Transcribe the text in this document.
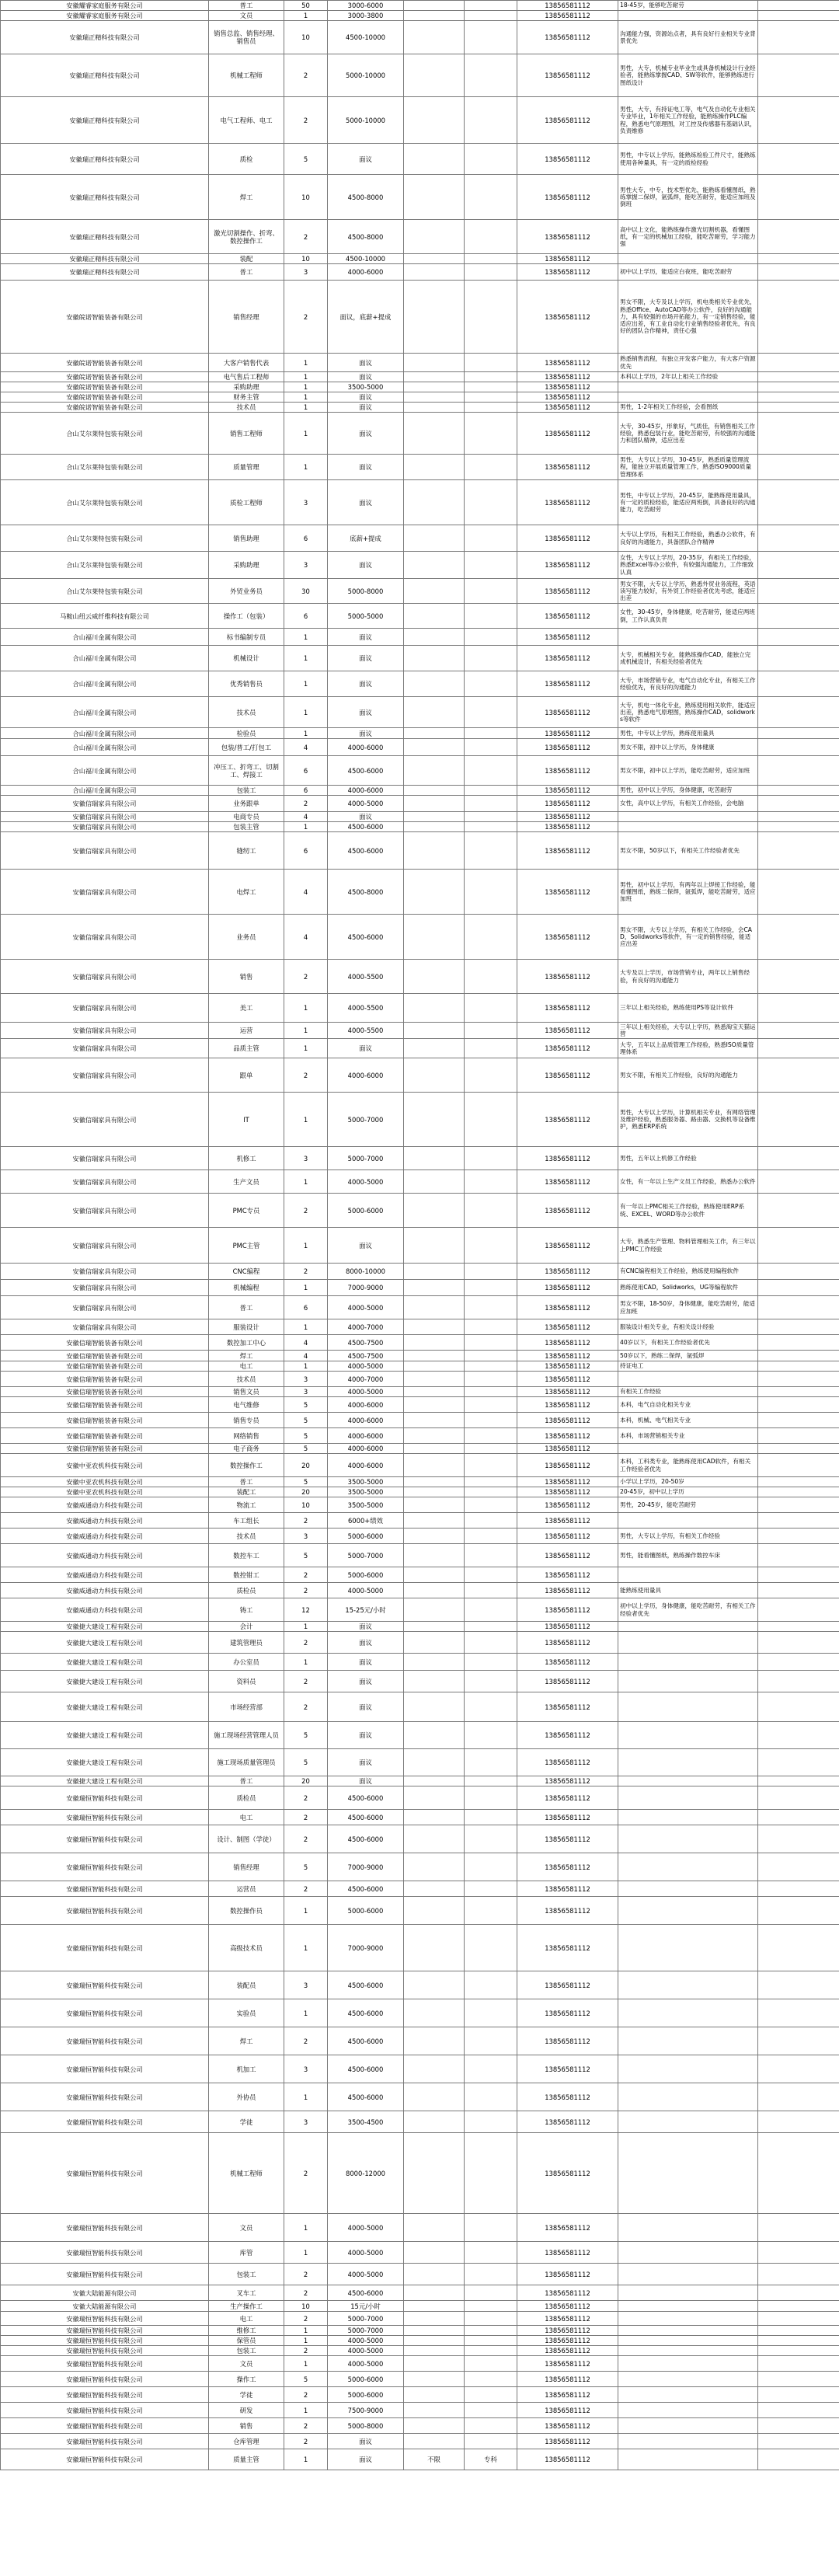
安徽耀睿家庭服务有限公司	普工	50	3000-6000			13856581112	18-45岁，能够吃苦耐劳	
安徽耀睿家庭服务有限公司	文员	1	3000-3800			13856581112		
安徽瑞正精科技有限公司	销售总监、销售经理、销售员	10	4500-10000			13856581112	沟通能力强，资源站点者，具有良好行业相关专业背景优先	
安徽瑞正精科技有限公司	机械工程师	2	5000-10000			13856581112	男性，大专，机械专业毕业生或具备机械设计行业经验者，能熟练掌握CAD、SW等软件，能够熟练进行图纸设计	
安徽瑞正精科技有限公司	电气工程师、电工	2	5000-10000			13856581112	男性，大专，有持证电工等，电气及自动化专业相关专业毕业，1年相关工作经验，能熟练操作PLC编程，熟悉电气原理图，对工控及传感器有基础认识，负责维修	
安徽瑞正精科技有限公司	质检	5	面议			13856581112	男性，中专以上学历，能熟练检验工件尺寸，能熟练使用各种量具，有一定的质检经验	
安徽瑞正精科技有限公司	焊工	10	4500-8000			13856581112	男性大专，中专，技术型优先，能熟练看懂图纸，熟练掌握二保焊，氩弧焊，能吃苦耐劳，能适应加班及倒班	
安徽瑞正精科技有限公司	激光切割操作、折弯、数控操作工	2	4500-8000			13856581112	高中以上文化，能熟练操作激光切割机器，看懂图纸，有一定的机械加工经验，能吃苦耐劳，学习能力强	
安徽瑞正精科技有限公司	装配	10	4500-10000			13856581112		
安徽瑞正精科技有限公司	普工	3	4000-6000			13856581112	初中以上学历，能适应白夜班，能吃苦耐劳	
安徽皖诺智能装备有限公司	销售经理	2	面议，底薪+提成			13856581112	男女不限，大专及以上学历，机电类相关专业优先，熟悉Office、AutoCAD等办公软件，良好的沟通能力，具有较强的市场开拓能力，有一定销售经验，能适应出差，有工业自动化行业销售经验者优先，有良好的团队合作精神，责任心强	
安徽皖诺智能装备有限公司	大客户销售代表	1	面议			13856581112	熟悉销售流程，有独立开发客户能力，有大客户资源优先	
安徽皖诺智能装备有限公司	电气售后工程师	1	面议			13856581112	本科以上学历，2年以上相关工作经验	
安徽皖诺智能装备有限公司	采购助理	1	3500-5000			13856581112		
安徽皖诺智能装备有限公司	财务主管	1	面议			13856581112		
安徽皖诺智能装备有限公司	技术员	1	面议			13856581112	男性，1-2年相关工作经验，会看图纸	
合山艾尔莱特包装有限公司	销售工程师	1	面议			13856581112	大专，30-45岁，形象好，气质佳，有销售相关工作经验，熟悉包装行业，能吃苦耐劳，有较强的沟通能力和团队精神，适应出差	
合山艾尔莱特包装有限公司	质量管理	1	面议			13856581112	男性，大专以上学历，30-45岁，熟悉质量管理流程，能独立开展质量管理工作，熟悉ISO9000质量管理体系	
合山艾尔莱特包装有限公司	质检工程师	3	面议			13856581112	男性，中专以上学历，20-45岁，能熟练使用量具，有一定的质检经验，能适应两班倒，具备良好的沟通能力，吃苦耐劳	
合山艾尔莱特包装有限公司	销售助理	6	底薪+提成			13856581112	大专以上学历，有相关工作经验，熟悉办公软件，有良好的沟通能力，具备团队合作精神	
合山艾尔莱特包装有限公司	采购助理	3	面议			13856581112	女性，大专以上学历，20-35岁，有相关工作经验，熟悉Excel等办公软件，有较强沟通能力，工作细致认真	
合山艾尔莱特包装有限公司	外贸业务员	30	5000-8000			13856581112	男女不限，大专以上学历，熟悉外贸业务流程，英语读写能力较好，有外贸工作经验者优先考虑，能适应出差	
马鞍山纽云威纤维科技有限公司	操作工（包装）	6	5000-5000			13856581112	女性，30-45岁，身体健康，吃苦耐劳，能适应两班倒，工作认真负责	
合山福川金属有限公司	标书编制专员	1	面议			13856581112		
合山福川金属有限公司	机械设计	1	面议			13856581112	大专，机械相关专业，能熟练操作CAD，能独立完成机械设计，有相关经验者优先	
合山福川金属有限公司	优秀销售员	1	面议			13856581112	大专，市场营销专业，电气自动化专业，有相关工作经验优先，有良好的沟通能力	
合山福川金属有限公司	技术员	1	面议			13856581112	大专，机电一体化专业，熟练使用相关软件，能适应出差，熟悉电气原理图，熟练操作CAD，solidworks等软件	
合山福川金属有限公司	检验员	1	面议			13856581112	男性，中专以上学历，熟练使用量具	
合山福川金属有限公司	包装/普工/打包工	4	4000-6000			13856581112	男女不限，初中以上学历，身体健康	
合山福川金属有限公司	冲压工、折弯工、切割工、焊接工	6	4500-6000			13856581112	男女不限，初中以上学历，能吃苦耐劳，适应加班	
合山福川金属有限公司	包装工	6	4000-6000			13856581112	男性，初中以上学历，身体健康，吃苦耐劳	
安徽信瑞家具有限公司	业务跟单	2	4000-5000			13856581112	女性，高中以上学历，有相关工作经验，会电脑	
安徽信瑞家具有限公司	电商专员	4	面议			13856581112		
安徽信瑞家具有限公司	包装主管	1	4500-6000			13856581112		
安徽信瑞家具有限公司	缝纫工	6	4500-6000			13856581112	男女不限，50岁以下，有相关工作经验者优先	
安徽信瑞家具有限公司	电焊工	4	4500-8000			13856581112	男性，初中以上学历，有两年以上焊接工作经验，能看懂图纸，熟练二保焊，氩弧焊，能吃苦耐劳，适应加班	
安徽信瑞家具有限公司	业务员	4	4500-6000			13856581112	男女不限，大专以上学历，有相关工作经验，会CAD，Solidworks等软件，有一定的销售经验，能适应出差	
安徽信瑞家具有限公司	销售	2	4000-5500			13856581112	大专及以上学历，市场营销专业，两年以上销售经验，有良好的沟通能力	
安徽信瑞家具有限公司	美工	1	4000-5500			13856581112	三年以上相关经验，熟练使用PS等设计软件	
安徽信瑞家具有限公司	运营	1	4000-5500			13856581112	三年以上相关经验，大专以上学历，熟悉淘宝天猫运营	
安徽信瑞家具有限公司	品质主管	1	面议			13856581112	大专，五年以上品质管理工作经验，熟悉ISO质量管理体系	
安徽信瑞家具有限公司	跟单	2	4000-6000			13856581112	男女不限，有相关工作经验，良好的沟通能力	
安徽信瑞家具有限公司	IT	1	5000-7000			13856581112	男性，大专以上学历，计算机相关专业，有网络管理及维护经验，熟悉服务器、路由器、交换机等设备维护，熟悉ERP系统	
安徽信瑞家具有限公司	机修工	3	5000-7000			13856581112	男性，五年以上机修工作经验	
安徽信瑞家具有限公司	生产文员	1	4000-5000			13856581112	女性，有一年以上生产文员工作经验，熟悉办公软件	
安徽信瑞家具有限公司	PMC专员	2	5000-6000			13856581112	有一年以上PMC相关工作经验，熟练使用ERP系统、EXCEL、WORD等办公软件	
安徽信瑞家具有限公司	PMC主管	1	面议			13856581112	大专，熟悉生产管理、物料管理相关工作，有三年以上PMC工作经验	
安徽信瑞家具有限公司	CNC编程	2	8000-10000			13856581112	有CNC编程相关工作经验，熟练使用编程软件	
安徽信瑞家具有限公司	机械编程	1	7000-9000			13856581112	熟练使用CAD，Solidworks，UG等编程软件	
安徽信瑞家具有限公司	普工	6	4000-5000			13856581112	男女不限，18-50岁，身体健康，能吃苦耐劳，能适应加班	
安徽信瑞家具有限公司	服装设计	1	4000-7000			13856581112	服装设计相关专业，有相关设计经验	
安徽信瑞智能装备有限公司	数控加工中心	4	4500-7500			13856581112	40岁以下，有相关工作经验者优先	
安徽信瑞智能装备有限公司	焊工	4	4500-7500			13856581112	50岁以下，熟练二保焊，氩弧焊	
安徽信瑞智能装备有限公司	电工	1	4000-5000			13856581112	持证电工	
安徽信瑞智能装备有限公司	技术员	3	4000-7000			13856581112		
安徽信瑞智能装备有限公司	销售文员	3	4000-5000			13856581112	有相关工作经验	
安徽信瑞智能装备有限公司	电气维修	5	4000-6000			13856581112	本科，电气自动化相关专业	
安徽信瑞智能装备有限公司	销售专员	5	4000-6000			13856581112	本科，机械、电气相关专业	
安徽信瑞智能装备有限公司	网络销售	5	4000-6000			13856581112	本科，市场营销相关专业	
安徽信瑞智能装备有限公司	电子商务	5	4000-6000			13856581112		
安徽中亚农机科技有限公司	数控操作工	20	4000-6000			13856581112	本科，工科类专业，能熟练使用CAD软件，有相关工作经验者优先	
安徽中亚农机科技有限公司	普工	5	3500-5000			13856581112	小学以上学历，20-50岁	
安徽中亚农机科技有限公司	装配工	20	3500-5000			13856581112	20-45岁，初中以上学历	
安徽威通动力科技有限公司	物流工	10	3500-5000			13856581112	男性，20-45岁，能吃苦耐劳	
安徽威通动力科技有限公司	车工组长	2	6000+绩效			13856581112		
安徽威通动力科技有限公司	技术员	3	5000-6000			13856581112	男性，大专以上学历，有相关工作经验	
安徽威通动力科技有限公司	数控车工	5	5000-7000			13856581112	男性，能看懂图纸，熟练操作数控车床	
安徽威通动力科技有限公司	数控钳工	2	5000-6000			13856581112		
安徽威通动力科技有限公司	质检员	2	4000-5000			13856581112	能熟练使用量具	
安徽威通动力科技有限公司	铸工	12	15-25元/小时			13856581112	初中以上学历，身体健康，能吃苦耐劳，有相关工作经验者优先	
安徽捷大建设工程有限公司	会计	1	面议			13856581112		
安徽捷大建设工程有限公司	建筑管理员	2	面议			13856581112		
安徽捷大建设工程有限公司	办公室员	1	面议			13856581112		
安徽捷大建设工程有限公司	资料员	2	面议			13856581112		
安徽捷大建设工程有限公司	市场经营部	2	面议			13856581112		
安徽捷大建设工程有限公司	施工现场经营管理人员	5	面议			13856581112		
安徽捷大建设工程有限公司	施工现场质量管理员	5	面议			13856581112		
安徽捷大建设工程有限公司	普工	20	面议			13856581112		
安徽瑞恒智能科技有限公司	质检员	2	4500-6000			13856581112		
安徽瑞恒智能科技有限公司	电工	2	4500-6000			13856581112		
安徽瑞恒智能科技有限公司	设计、制图（学徒）	2	4500-6000			13856581112		
安徽瑞恒智能科技有限公司	销售经理	5	7000-9000			13856581112		
安徽瑞恒智能科技有限公司	运营员	2	4500-6000			13856581112		
安徽瑞恒智能科技有限公司	数控操作员	1	5000-6000			13856581112		
安徽瑞恒智能科技有限公司	高级技术员	1	7000-9000			13856581112		
安徽瑞恒智能科技有限公司	装配员	3	4500-6000			13856581112		
安徽瑞恒智能科技有限公司	实验员	1	4500-6000			13856581112		
安徽瑞恒智能科技有限公司	焊工	2	4500-6000			13856581112		
安徽瑞恒智能科技有限公司	机加工	3	4500-6000			13856581112		
安徽瑞恒智能科技有限公司	外协员	1	4500-6000			13856581112		
安徽瑞恒智能科技有限公司	学徒	3	3500-4500			13856581112		
安徽瑞恒智能科技有限公司	机械工程师	2	8000-12000			13856581112		
安徽瑞恒智能科技有限公司	文员	1	4000-5000			13856581112		
安徽瑞恒智能科技有限公司	库管	1	4000-5000			13856581112		
安徽瑞恒智能科技有限公司	包装工	2	4000-5000			13856581112		
安徽大陆能源有限公司	叉车工	2	4500-6000			13856581112		
安徽大陆能源有限公司	生产操作工	10	15元/小时			13856581112		
安徽瑞恒智能科技有限公司	电工	2	5000-7000			13856581112		
安徽瑞恒智能科技有限公司	维修工	1	5000-7000			13856581112		
安徽瑞恒智能科技有限公司	保管员	1	4000-5000			13856581112		
安徽瑞恒智能科技有限公司	包装工	2	4000-5000			13856581112		
安徽瑞恒智能科技有限公司	文员	1	4000-5000			13856581112		
安徽瑞恒智能科技有限公司	操作工	5	5000-6000			13856581112		
安徽瑞恒智能科技有限公司	学徒	2	5000-6000			13856581112		
安徽瑞恒智能科技有限公司	研发	1	7500-9000			13856581112		
安徽瑞恒智能科技有限公司	销售	2	5000-8000			13856581112		
安徽瑞恒智能科技有限公司	仓库管理	2	面议			13856581112		
安徽瑞恒智能科技有限公司	质量主管	1	面议	不限	专科	13856581112		
